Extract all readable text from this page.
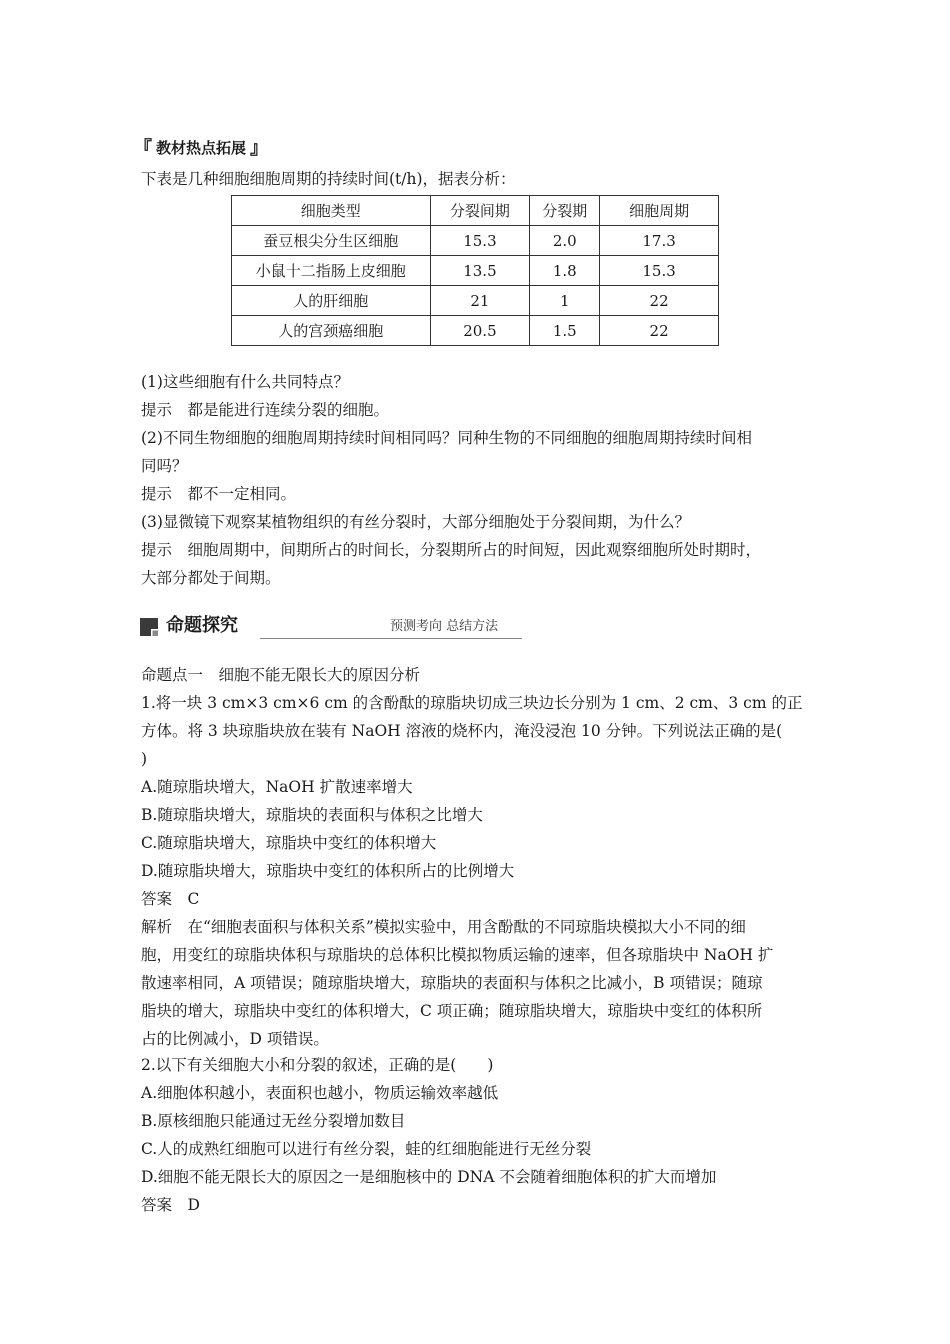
『 教材热点拓展 』
下表是几种细胞细胞周期的持续时间(t/h)，据表分析：
细胞类型	分裂间期	分裂期	细胞周期
蚕豆根尖分生区细胞	15.3	2.0	17.3
小鼠十二指肠上皮细胞	13.5	1.8	15.3
人的肝细胞	21	1	22
人的宫颈癌细胞	20.5	1.5	22
(1)这些细胞有什么共同特点？
提示　都是能进行连续分裂的细胞。
(2)不同生物细胞的细胞周期持续时间相同吗？同种生物的不同细胞的细胞周期持续时间相
同吗？
提示　都不一定相同。
(3)显微镜下观察某植物组织的有丝分裂时，大部分细胞处于分裂间期，为什么？
提示　细胞周期中，间期所占的时间长，分裂期所占的时间短，因此观察细胞所处时期时，
大部分都处于间期。
命题探究	预测考向 总结方法
命题点一　细胞不能无限长大的原因分析
1.将一块 3 cm×3 cm×6 cm 的含酚酞的琼脂块切成三块边长分别为 1 cm、2 cm、3 cm 的正
方体。将 3 块琼脂块放在装有 NaOH 溶液的烧杯内，淹没浸泡 10 分钟。下列说法正确的是(
)
A.随琼脂块增大，NaOH 扩散速率增大
B.随琼脂块增大，琼脂块的表面积与体积之比增大
C.随琼脂块增大，琼脂块中变红的体积增大
D.随琼脂块增大，琼脂块中变红的体积所占的比例增大
答案　C
解析　在“细胞表面积与体积关系”模拟实验中，用含酚酞的不同琼脂块模拟大小不同的细
胞，用变红的琼脂块体积与琼脂块的总体积比模拟物质运输的速率，但各琼脂块中 NaOH 扩
散速率相同，A 项错误；随琼脂块增大，琼脂块的表面积与体积之比减小，B 项错误；随琼
脂块的增大，琼脂块中变红的体积增大，C 项正确；随琼脂块增大，琼脂块中变红的体积所
占的比例减小，D 项错误。
2.以下有关细胞大小和分裂的叙述，正确的是(　　)
A.细胞体积越小，表面积也越小，物质运输效率越低
B.原核细胞只能通过无丝分裂增加数目
C.人的成熟红细胞可以进行有丝分裂，蛙的红细胞能进行无丝分裂
D.细胞不能无限长大的原因之一是细胞核中的 DNA 不会随着细胞体积的扩大而增加
答案　D
